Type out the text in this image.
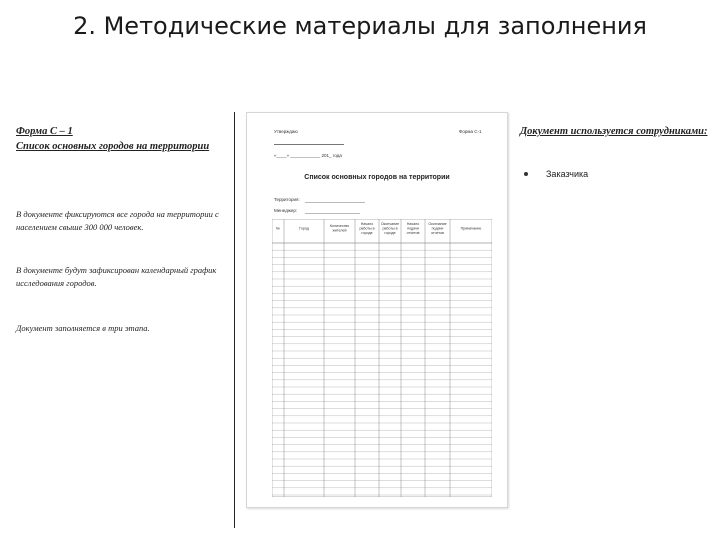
2. Методические материалы для заполнения

Форма С – 1

Список основных городов на территории

В документе фиксируются все города на территории с населением свыше 300 000 человек.

В документе будут зафиксирован календарный график исследования городов.

Документ заполняется в три этапа.

Утверждаю	Форма С-1
«____» ____________ 201_ года
Список основных городов на территории
Территория:
Менеджер:
№	Город
Количество жителей
Начало работы в городе
Окончание работы в городе
Начало подачи отчетов
Окончание подачи отчетов
Примечание

Документ используется сотрудниками:

Заказчика
